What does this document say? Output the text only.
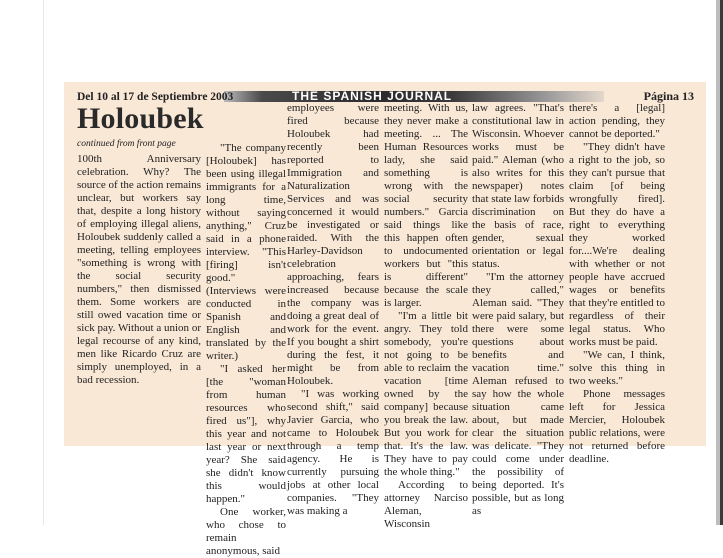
Del 10 al 17 de Septiembre 2003	THE SPANISH JOURNAL	Página 13
Holoubek

continued from front page

100th Anniversary celebration. Why? The source of the action remains unclear, but workers say that, despite a long history of employing illegal aliens, Holoubek suddenly called a meeting, telling employees "something is wrong with the social security numbers," then dismissed them. Some workers are still owed vacation time or sick pay. Without a union or legal recourse of any kind, men like Ricardo Cruz are simply unemployed, in a bad recession.

"The company [Holoubek] has been using illegal immigrants for a long time, without saying anything," Cruz said in a phone interview. "This [firing] isn't good." (Interviews were conducted in Spanish and English and translated by the writer.)

"I asked her [the "woman from human resources who fired us"], why this year and not last year or next year? She said she didn't know this would happen."

One worker, who chose to remain anonymous, said

employees were fired because Holoubek had recently been reported to Immigration and Naturalization Services and was concerned it would be investigated or raided. With the Harley-Davidson celebration approaching, fears increased because the company was doing a great deal of work for the event. If you bought a shirt during the fest, it might be from Holoubek.

"I was working second shift," said Javier Garcia, who came to Holoubek through a temp agency. He is currently pursuing jobs at other local companies. "They was making a

meeting. With us, they never make a meeting. ... The Human Resources lady, she said something is wrong with the social security numbers." Garcia said things like this happen often to undocumented workers but "this is different" because the scale is larger.

"I'm a little bit angry. They told somebody, you're not going to be able to reclaim the vacation [time owned by the company] because you break the law. But you work for that. It's the law. They have to pay the whole thing."

According to attorney Narciso Aleman, Wisconsin

law agrees. "That's constitutional law in Wisconsin. Whoever works must be paid." Aleman (who also writes for this newspaper) notes that state law forbids discrimination on the basis of race, gender, sexual orientation or legal status.

"I'm the attorney they called," Aleman said. "They were paid salary, but there were some questions about benefits and vacation time." Aleman refused to say how the whole situation came about, but made clear the situation was delicate. "They could come under the possibility of being deported. It's possible, but as long as

there's a [legal] action pending, they cannot be deported."

"They didn't have a right to the job, so they can't pursue that claim [of being wrongfully fired]. But they do have a right to everything they worked for....We're dealing with whether or not people have accrued wages or benefits that they're entitled to regardless of their legal status. Who works must be paid.

"We can, I think, solve this thing in two weeks."

Phone messages left for Jessica Mercier, Holoubek public relations, were not returned before deadline.
